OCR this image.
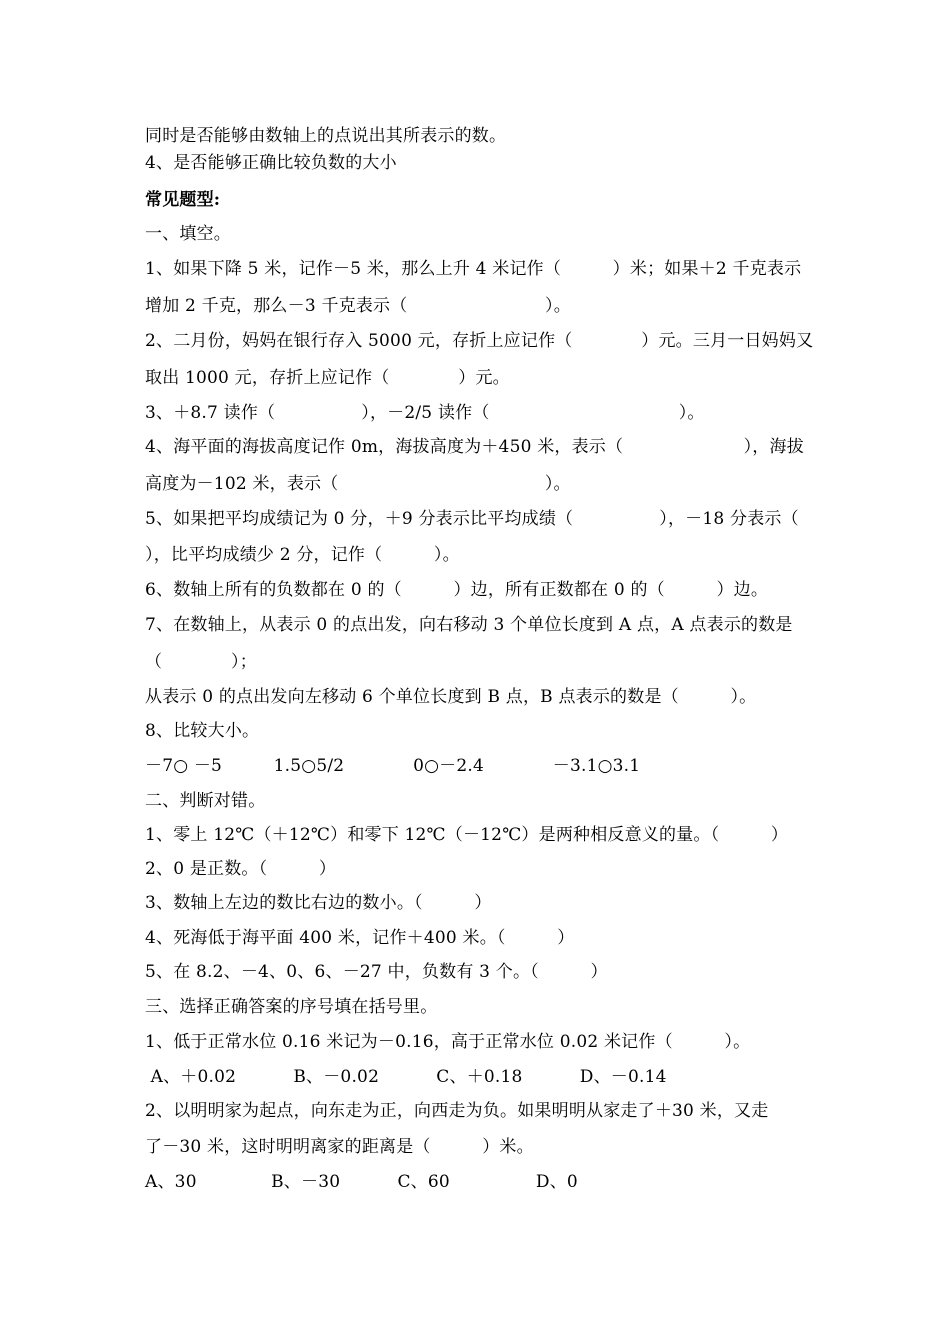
同时是否能够由数轴上的点说出其所表示的数。
4、是否能够正确比较负数的大小
常见题型:
一、填空。
1、如果下降 5 米，记作－5 米，那么上升 4 米记作（　　　）米；如果＋2 千克表示
增加 2 千克，那么－3 千克表示（　　　　　　　　）。
2、二月份，妈妈在银行存入 5000 元，存折上应记作（　　　　）元。三月一日妈妈又
取出 1000 元，存折上应记作（　　　　）元。
3、＋8.7 读作（　　　　　），－2/5 读作（　　　　　　　　　　　）。
4、海平面的海拔高度记作 0m，海拔高度为＋450 米，表示（　　　　　　　），海拔
高度为－102 米，表示（　　　　　　　　　　　　）。
5、如果把平均成绩记为 0 分，＋9 分表示比平均成绩（　　　　　），－18 分表示（
），比平均成绩少 2 分，记作（　　　）。
6、数轴上所有的负数都在 0 的（　　　）边，所有正数都在 0 的（　　　）边。
7、在数轴上，从表示 0 的点出发，向右移动 3 个单位长度到 A 点，A 点表示的数是
（　　　　）；
从表示 0 的点出发向左移动 6 个单位长度到 B 点，B 点表示的数是（　　　）。
8、比较大小。
－7○ －5　　　1.5○5/2　　　　0○－2.4　　　　－3.1○3.1
二、判断对错。
1、零上 12℃（＋12℃）和零下 12℃（－12℃）是两种相反意义的量。（　　　）
2、0 是正数。（　　　）
3、数轴上左边的数比右边的数小。（　　　）
4、死海低于海平面 400 米，记作＋400 米。（　　　）
5、在 8.2、－4、0、6、－27 中，负数有 3 个。（　　　）
三、选择正确答案的序号填在括号里。
1、低于正常水位 0.16 米记为－0.16，高于正常水位 0.02 米记作（　　　）。
A、＋0.02　　　 B、－0.02　　　 C、＋0.18　　　 D、－0.14
2、以明明家为起点，向东走为正，向西走为负。如果明明从家走了＋30 米，又走
了－30 米，这时明明离家的距离是（　　　）米。
A、30　　　　 B、－30　　　 C、60　　　　　D、0
